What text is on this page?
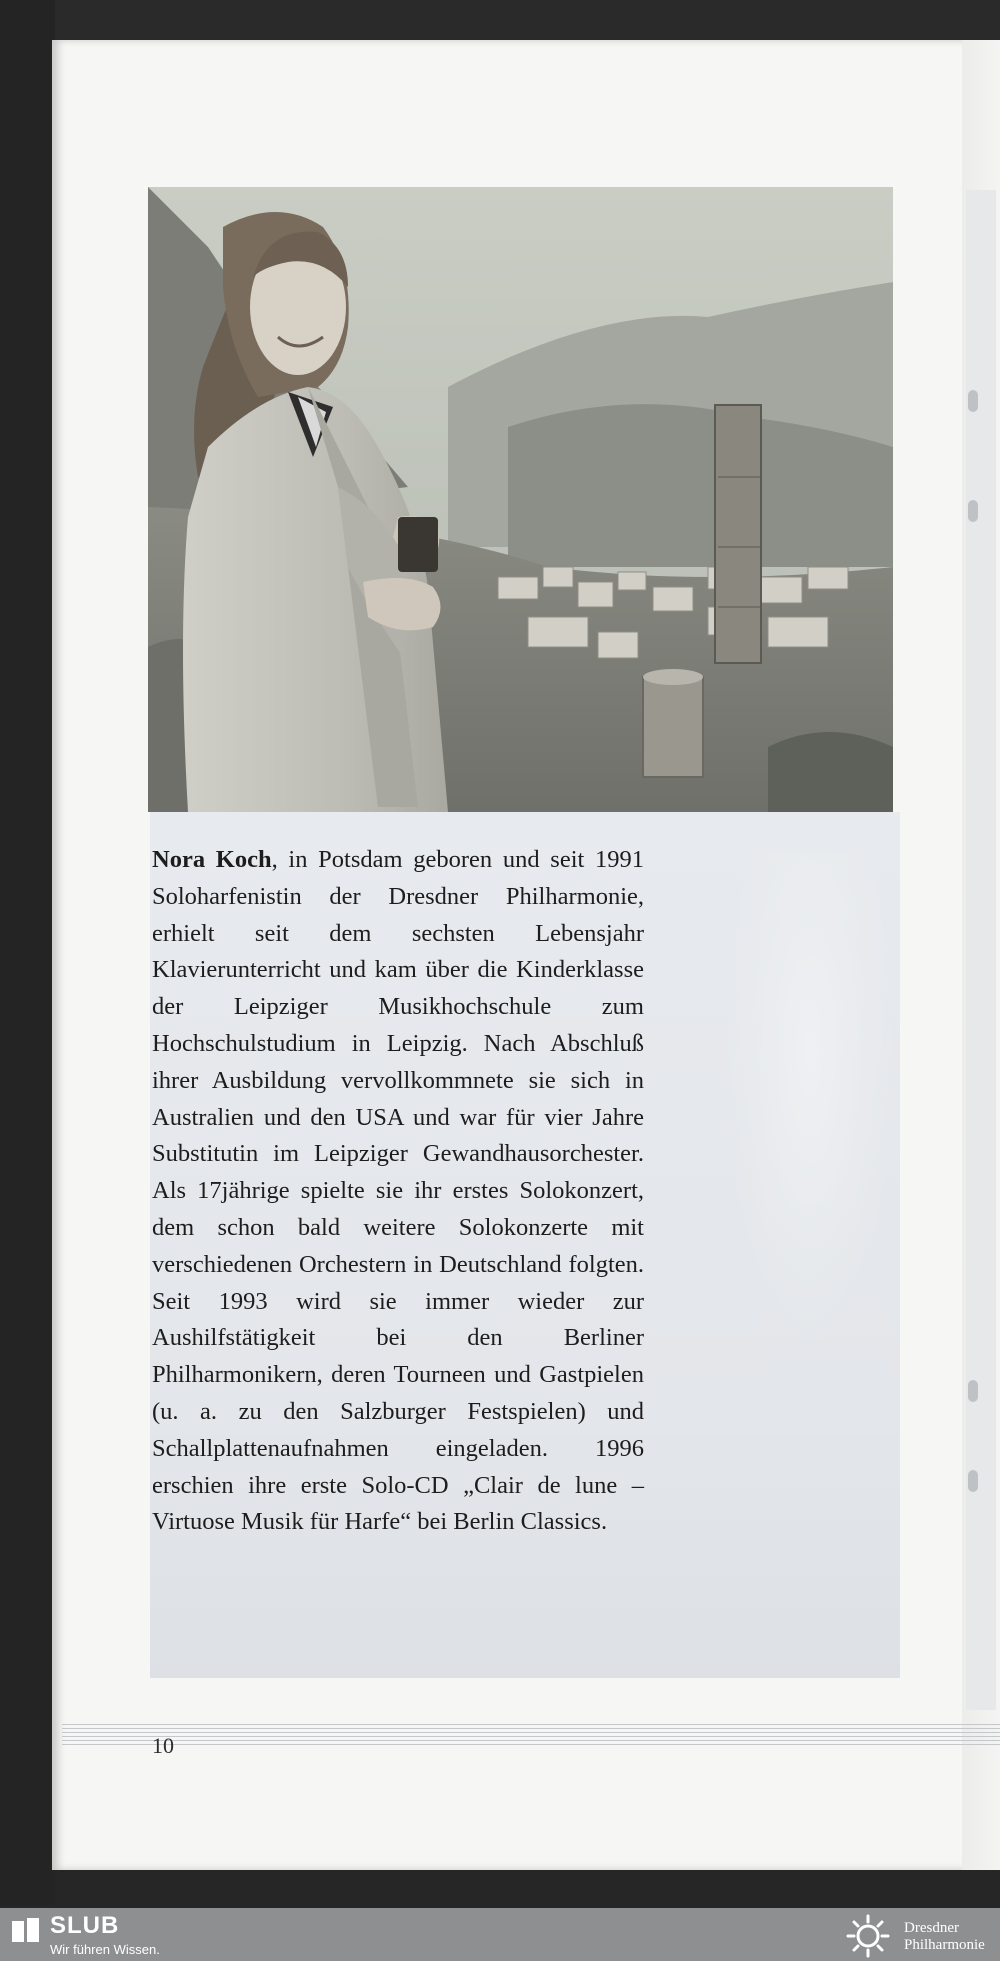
Nora Koch, in Potsdam geboren und seit 1991 Soloharfenistin der Dresdner Philharmonie, erhielt seit dem sechsten Lebensjahr Klavierunterricht und kam über die Kinderklasse der Leipziger Musikhochschule zum Hochschulstudium in Leipzig. Nach Abschluß ihrer Ausbildung vervollkommnete sie sich in Australien und den USA und war für vier Jahre Substitutin im Leipziger Gewandhausorchester. Als 17jährige spielte sie ihr erstes Solokonzert, dem schon bald weitere Solokonzerte mit verschiedenen Orchestern in Deutschland folgten. Seit 1993 wird sie immer wieder zur Aushilfstätigkeit bei den Berliner Philharmonikern, deren Tourneen und Gastpielen (u. a. zu den Salzburger Festspielen) und Schallplattenaufnahmen eingeladen. 1996 erschien ihre erste Solo-CD „Clair de lune – Virtuose Musik für Harfe“ bei Berlin Classics.
10
SLUB
Wir führen Wissen.
Dresdner
Philharmonie
